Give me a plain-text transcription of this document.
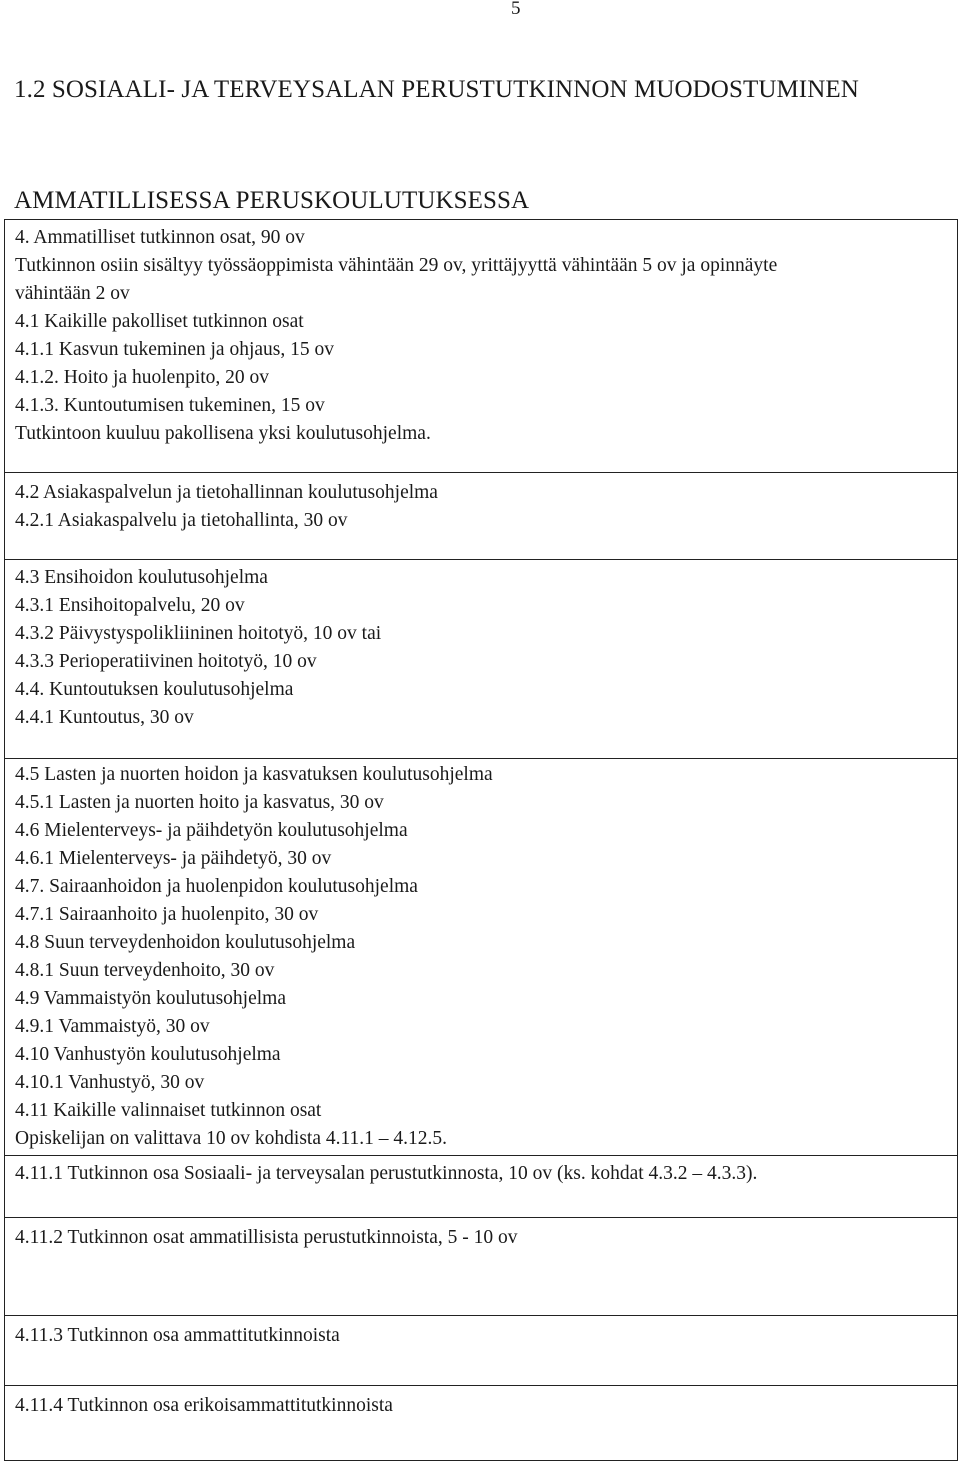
5
1.2 SOSIAALI- JA TERVEYSALAN PERUSTUTKINNON MUODOSTUMINEN
AMMATILLISESSA PERUSKOULUTUKSESSA
4. Ammatilliset tutkinnon osat, 90 ov
Tutkinnon osiin sisältyy työssäoppimista vähintään 29 ov, yrittäjyyttä vähintään 5 ov ja opinnäyte
vähintään 2 ov
4.1 Kaikille pakolliset tutkinnon osat
4.1.1 Kasvun tukeminen ja ohjaus, 15 ov
4.1.2. Hoito ja huolenpito, 20 ov
4.1.3. Kuntoutumisen tukeminen, 15 ov
Tutkintoon kuuluu pakollisena yksi koulutusohjelma.
4.2 Asiakaspalvelun ja tietohallinnan koulutusohjelma
4.2.1 Asiakaspalvelu ja tietohallinta, 30 ov
4.3 Ensihoidon koulutusohjelma
4.3.1 Ensihoitopalvelu, 20 ov
4.3.2 Päivystyspolikliininen hoitotyö, 10 ov tai
4.3.3 Perioperatiivinen hoitotyö, 10 ov
4.4. Kuntoutuksen koulutusohjelma
4.4.1 Kuntoutus, 30 ov
4.5 Lasten ja nuorten hoidon ja kasvatuksen koulutusohjelma
4.5.1 Lasten ja nuorten hoito ja kasvatus, 30 ov
4.6 Mielenterveys- ja päihdetyön koulutusohjelma
4.6.1 Mielenterveys- ja päihdetyö, 30 ov
4.7. Sairaanhoidon ja huolenpidon koulutusohjelma
4.7.1 Sairaanhoito ja huolenpito, 30 ov
4.8 Suun terveydenhoidon koulutusohjelma
4.8.1 Suun terveydenhoito, 30 ov
4.9 Vammaistyön koulutusohjelma
4.9.1 Vammaistyö, 30 ov
4.10 Vanhustyön koulutusohjelma
4.10.1 Vanhustyö, 30 ov
4.11 Kaikille valinnaiset tutkinnon osat
Opiskelijan on valittava 10 ov kohdista 4.11.1 – 4.12.5.
4.11.1 Tutkinnon osa Sosiaali- ja terveysalan perustutkinnosta, 10 ov (ks. kohdat 4.3.2 – 4.3.3).
4.11.2 Tutkinnon osat ammatillisista perustutkinnoista, 5 - 10 ov
4.11.3 Tutkinnon osa ammattitutkinnoista
4.11.4 Tutkinnon osa erikoisammattitutkinnoista
